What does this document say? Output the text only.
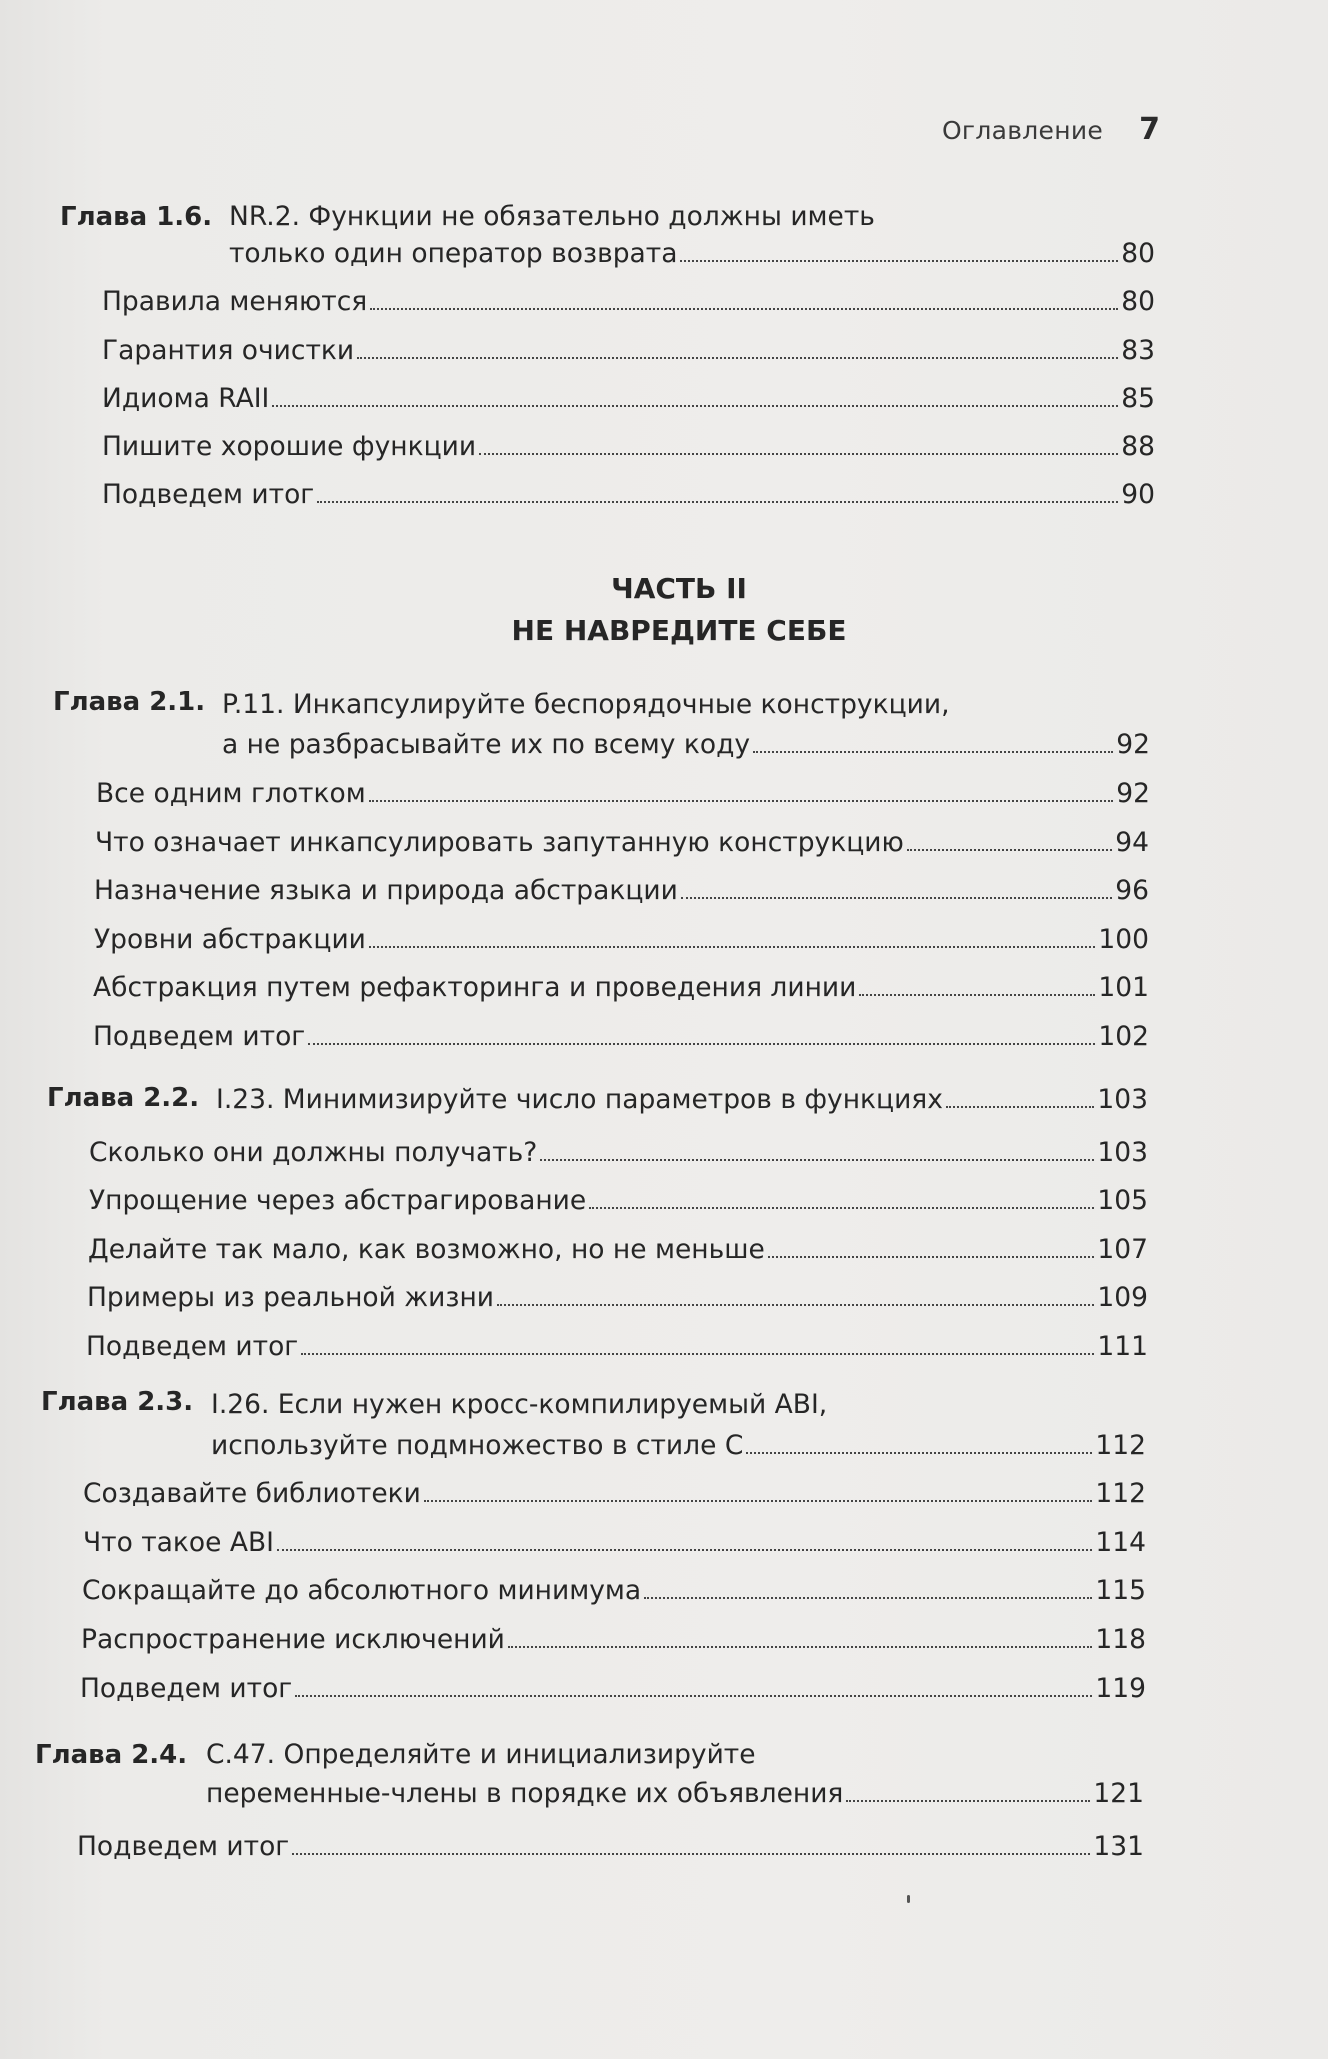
Оглавление 7
Глава 1.6. NR.2. Функции не обязательно должны иметь
только один оператор возврата	80
Правила меняются	80
Гарантия очистки	83
Идиома RAII	85
Пишите хорошие функции	88
Подведем итог	90
ЧАСТЬ II
НЕ НАВРЕДИТЕ СЕБЕ
Глава 2.1. P.11. Инкапсулируйте беспорядочные конструкции,
а не разбрасывайте их по всему коду	92
Все одним глотком	92
Что означает инкапсулировать запутанную конструкцию	94
Назначение языка и природа абстракции	96
Уровни абстракции	100
Абстракция путем рефакторинга и проведения линии	101
Подведем итог	102
Глава 2.2. I.23. Минимизируйте число параметров в функциях	103
Сколько они должны получать?	103
Упрощение через абстрагирование	105
Делайте так мало, как возможно, но не меньше	107
Примеры из реальной жизни	109
Подведем итог	111
Глава 2.3. I.26. Если нужен кросс-компилируемый ABI,
используйте подмножество в стиле C	112
Создавайте библиотеки	112
Что такое ABI	114
Сокращайте до абсолютного минимума	115
Распространение исключений	118
Подведем итог	119
Глава 2.4. C.47. Определяйте и инициализируйте
переменные-члены в порядке их объявления	121
Подведем итог	131
